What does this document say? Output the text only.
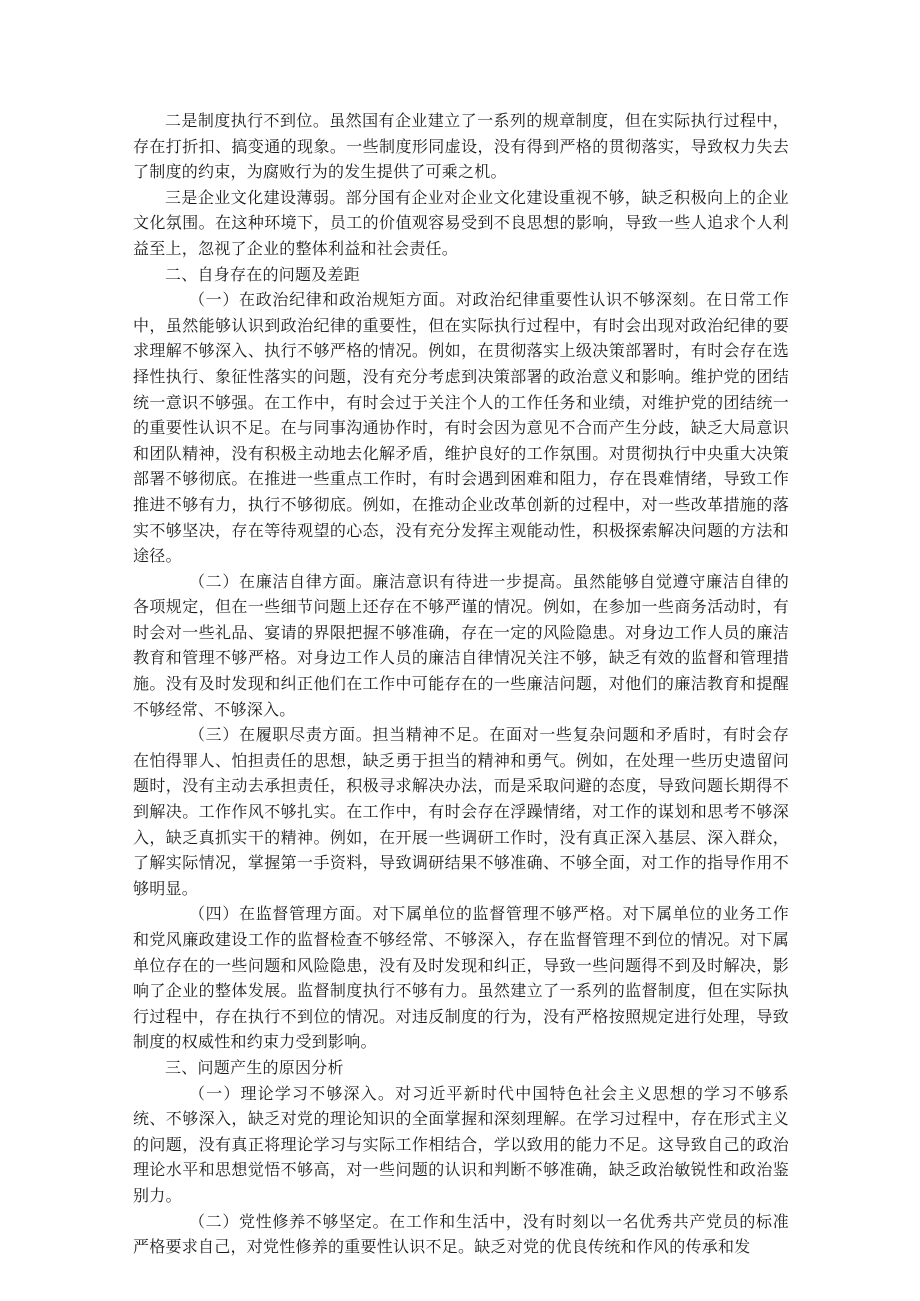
二是制度执行不到位。虽然国有企业建立了一系列的规章制度，但在实际执行过程中，存在打折扣、搞变通的现象。一些制度形同虚设，没有得到严格的贯彻落实，导致权力失去了制度的约束，为腐败行为的发生提供了可乘之机。

三是企业文化建设薄弱。部分国有企业对企业文化建设重视不够，缺乏积极向上的企业文化氛围。在这种环境下，员工的价值观容易受到不良思想的影响，导致一些人追求个人利益至上，忽视了企业的整体利益和社会责任。

二、自身存在的问题及差距

（一）在政治纪律和政治规矩方面。对政治纪律重要性认识不够深刻。在日常工作中，虽然能够认识到政治纪律的重要性，但在实际执行过程中，有时会出现对政治纪律的要求理解不够深入、执行不够严格的情况。例如，在贯彻落实上级决策部署时，有时会存在选择性执行、象征性落实的问题，没有充分考虑到决策部署的政治意义和影响。维护党的团结统一意识不够强。在工作中，有时会过于关注个人的工作任务和业绩，对维护党的团结统一的重要性认识不足。在与同事沟通协作时，有时会因为意见不合而产生分歧，缺乏大局意识和团队精神，没有积极主动地去化解矛盾，维护良好的工作氛围。对贯彻执行中央重大决策部署不够彻底。在推进一些重点工作时，有时会遇到困难和阻力，存在畏难情绪，导致工作推进不够有力，执行不够彻底。例如，在推动企业改革创新的过程中，对一些改革措施的落实不够坚决，存在等待观望的心态，没有充分发挥主观能动性，积极探索解决问题的方法和途径。

（二）在廉洁自律方面。廉洁意识有待进一步提高。虽然能够自觉遵守廉洁自律的各项规定，但在一些细节问题上还存在不够严谨的情况。例如，在参加一些商务活动时，有时会对一些礼品、宴请的界限把握不够准确，存在一定的风险隐患。对身边工作人员的廉洁教育和管理不够严格。对身边工作人员的廉洁自律情况关注不够，缺乏有效的监督和管理措施。没有及时发现和纠正他们在工作中可能存在的一些廉洁问题，对他们的廉洁教育和提醒不够经常、不够深入。

（三）在履职尽责方面。担当精神不足。在面对一些复杂问题和矛盾时，有时会存在怕得罪人、怕担责任的思想，缺乏勇于担当的精神和勇气。例如，在处理一些历史遗留问题时，没有主动去承担责任，积极寻求解决办法，而是采取问避的态度，导致问题长期得不到解决。工作作风不够扎实。在工作中，有时会存在浮躁情绪，对工作的谋划和思考不够深入，缺乏真抓实干的精神。例如，在开展一些调研工作时，没有真正深入基层、深入群众，了解实际情况，掌握第一手资料，导致调研结果不够准确、不够全面，对工作的指导作用不够明显。

（四）在监督管理方面。对下属单位的监督管理不够严格。对下属单位的业务工作和党风廉政建设工作的监督检查不够经常、不够深入，存在监督管理不到位的情况。对下属单位存在的一些问题和风险隐患，没有及时发现和纠正，导致一些问题得不到及时解决，影响了企业的整体发展。监督制度执行不够有力。虽然建立了一系列的监督制度，但在实际执行过程中，存在执行不到位的情况。对违反制度的行为，没有严格按照规定进行处理，导致制度的权威性和约束力受到影响。

三、问题产生的原因分析

（一）理论学习不够深入。对习近平新时代中国特色社会主义思想的学习不够系统、不够深入，缺乏对党的理论知识的全面掌握和深刻理解。在学习过程中，存在形式主义的问题，没有真正将理论学习与实际工作相结合，学以致用的能力不足。这导致自己的政治理论水平和思想觉悟不够高，对一些问题的认识和判断不够准确，缺乏政治敏锐性和政治鉴别力。

（二）党性修养不够坚定。在工作和生活中，没有时刻以一名优秀共产党员的标准严格要求自己，对党性修养的重要性认识不足。缺乏对党的优良传统和作风的传承和发
